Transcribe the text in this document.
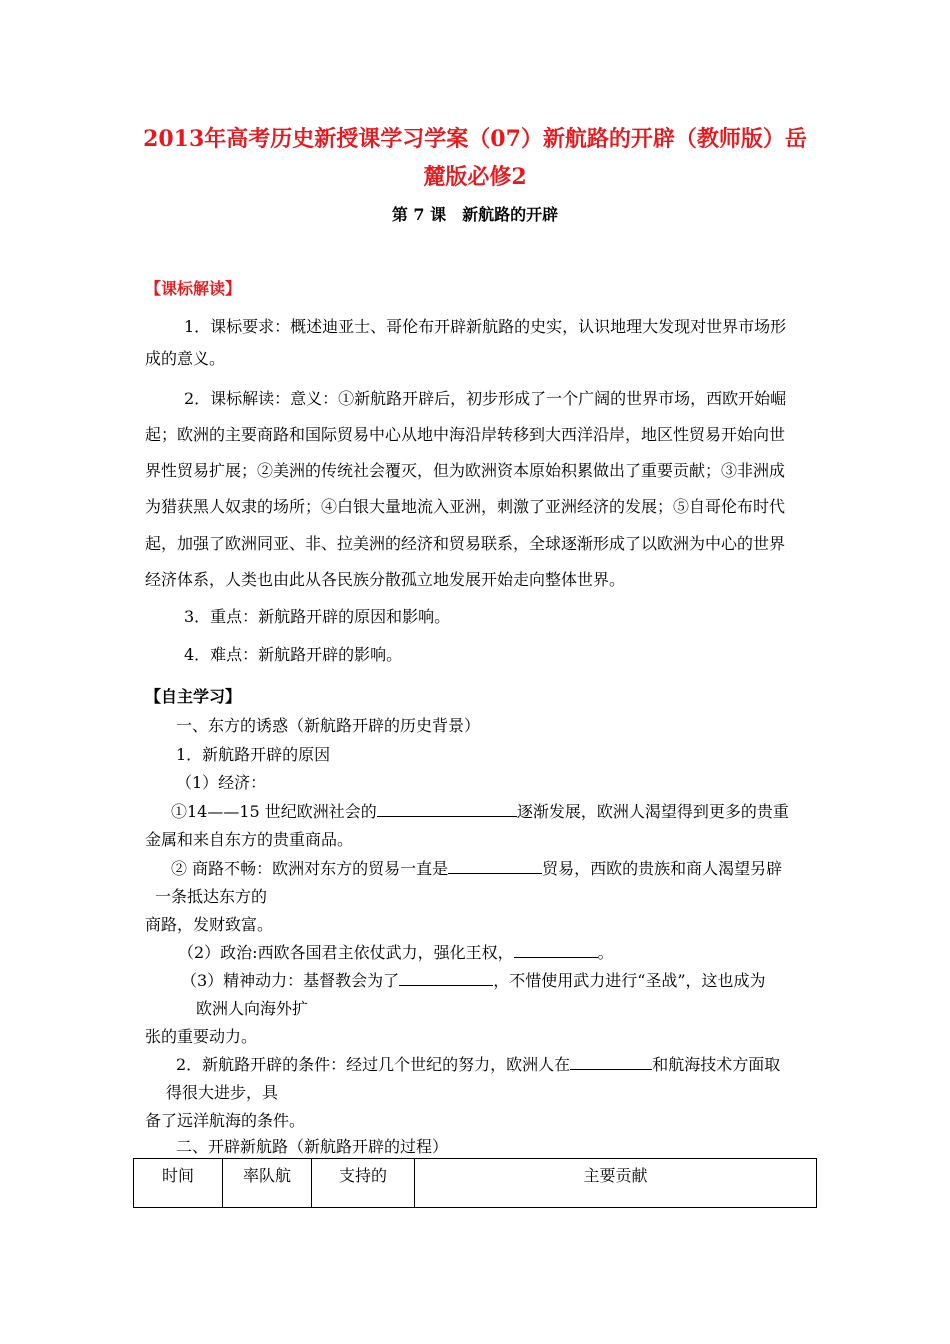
2013年高考历史新授课学习学案（07）新航路的开辟（教师版）岳
麓版必修2
第 7 课　新航路的开辟
【课标解读】
1．课标要求：概述迪亚士、哥伦布开辟新航路的史实，认识地理大发现对世界市场形
成的意义。
2．课标解读：意义：①新航路开辟后，初步形成了一个广阔的世界市场，西欧开始崛
起；欧洲的主要商路和国际贸易中心从地中海沿岸转移到大西洋沿岸，地区性贸易开始向世
界性贸易扩展；②美洲的传统社会覆灭，但为欧洲资本原始积累做出了重要贡献；③非洲成
为猎获黑人奴隶的场所；④白银大量地流入亚洲，刺激了亚洲经济的发展；⑤自哥伦布时代
起，加强了欧洲同亚、非、拉美洲的经济和贸易联系，全球逐渐形成了以欧洲为中心的世界
经济体系，人类也由此从各民族分散孤立地发展开始走向整体世界。
3．重点：新航路开辟的原因和影响。
4．难点：新航路开辟的影响。
【自主学习】
一、东方的诱惑（新航路开辟的历史背景）
1．新航路开辟的原因
（1）经济：
①14——15 世纪欧洲社会的	逐渐发展，欧洲人渴望得到更多的贵重
金属和来自东方的贵重商品。
② 商路不畅：欧洲对东方的贸易一直是	贸易，西欧的贵族和商人渴望另辟
一条抵达东方的
商路，发财致富。
（2）政治:西欧各国君主依仗武力，强化王权，	。
（3）精神动力：基督教会为了	，不惜使用武力进行“圣战”，这也成为
欧洲人向海外扩
张的重要动力。
2．新航路开辟的条件：经过几个世纪的努力，欧洲人在	和航海技术方面取
得很大进步，具
备了远洋航海的条件。
二、开辟新航路（新航路开辟的过程）
时间	率队航	支持的	主要贡献
